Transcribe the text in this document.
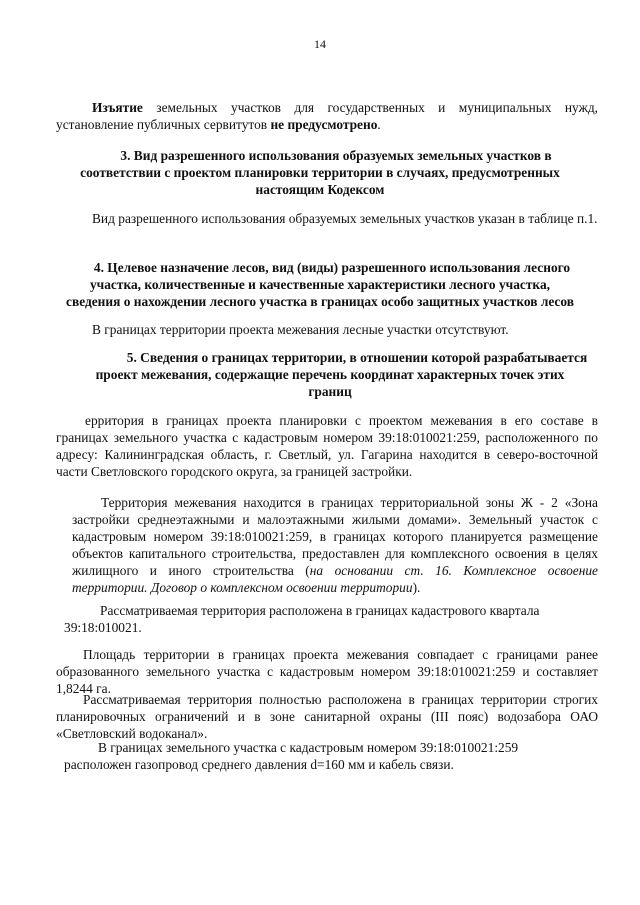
14

Изъятие земельных участков для государственных и муниципальных нужд, установление публичных сервитутов не предусмотрено.

3. Вид разрешенного использования образуемых земельных участков в
соответствии с проектом планировки территории в случаях, предусмотренных
настоящим Кодексом

Вид разрешенного использования образуемых земельных участков указан в таблице п.1.

4. Целевое назначение лесов, вид (виды) разрешенного использования лесного
участка, количественные и качественные характеристики лесного участка,
сведения о нахождении лесного участка в границах особо защитных участков лесов

В границах территории проекта межевания лесные участки отсутствуют.

5. Сведения о границах территории, в отношении которой разрабатывается
проект межевания, содержащие перечень координат характерных точек этих
границ

ерритория в границах проекта планировки с проектом межевания в его составе в границах земельного участка с кадастровым номером 39:18:010021:259, расположенного по адресу: Калининградская область, г. Светлый, ул. Гагарина находится в северо-восточной части Светловского городского округа, за границей застройки.

Территория межевания находится в границах территориальной зоны Ж - 2 «Зона застройки среднеэтажными и малоэтажными жилыми домами». Земельный участок с кадастровым номером 39:18:010021:259, в границах которого планируется размещение объектов капитального строительства, предоставлен для комплексного освоения в целях жилищного и иного строительства (на основании ст. 16. Комплексное освоение территории. Договор о комплексном освоении территории).

Рассматриваемая территория расположена в границах кадастрового квартала
39:18:010021.

Площадь территории в границах проекта межевания совпадает с границами ранее образованного земельного участка с кадастровым номером 39:18:010021:259 и составляет 1,8244 га.

Рассматриваемая территория полностью расположена в границах территории строгих планировочных ограничений и в зоне санитарной охраны (III пояс) водозабора ОАО «Светловский водоканал».

В границах земельного участка с кадастровым номером 39:18:010021:259
расположен газопровод среднего давления d=160 мм и кабель связи.
